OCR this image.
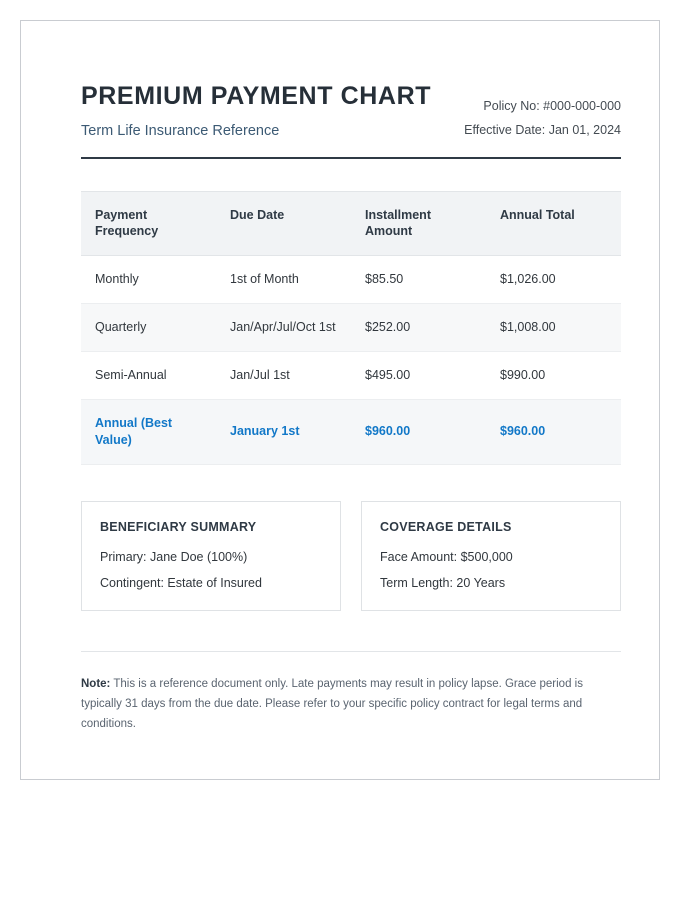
PREMIUM PAYMENT CHART

Term Life Insurance Reference

Policy No: #000-000-000
Effective Date: Jan 01, 2024
Payment Frequency	Due Date	Installment Amount	Annual Total
Monthly	1st of Month	$85.50	$1,026.00
Quarterly	Jan/Apr/Jul/Oct 1st	$252.00	$1,008.00
Semi-Annual	Jan/Jul 1st	$495.00	$990.00
Annual (Best Value)	January 1st	$960.00	$960.00
BENEFICIARY SUMMARY
Primary: Jane Doe (100%)
Contingent: Estate of Insured
COVERAGE DETAILS
Face Amount: $500,000
Term Length: 20 Years
Note: This is a reference document only. Late payments may result in policy lapse. Grace period is typically 31 days from the due date. Please refer to your specific policy contract for legal terms and conditions.
